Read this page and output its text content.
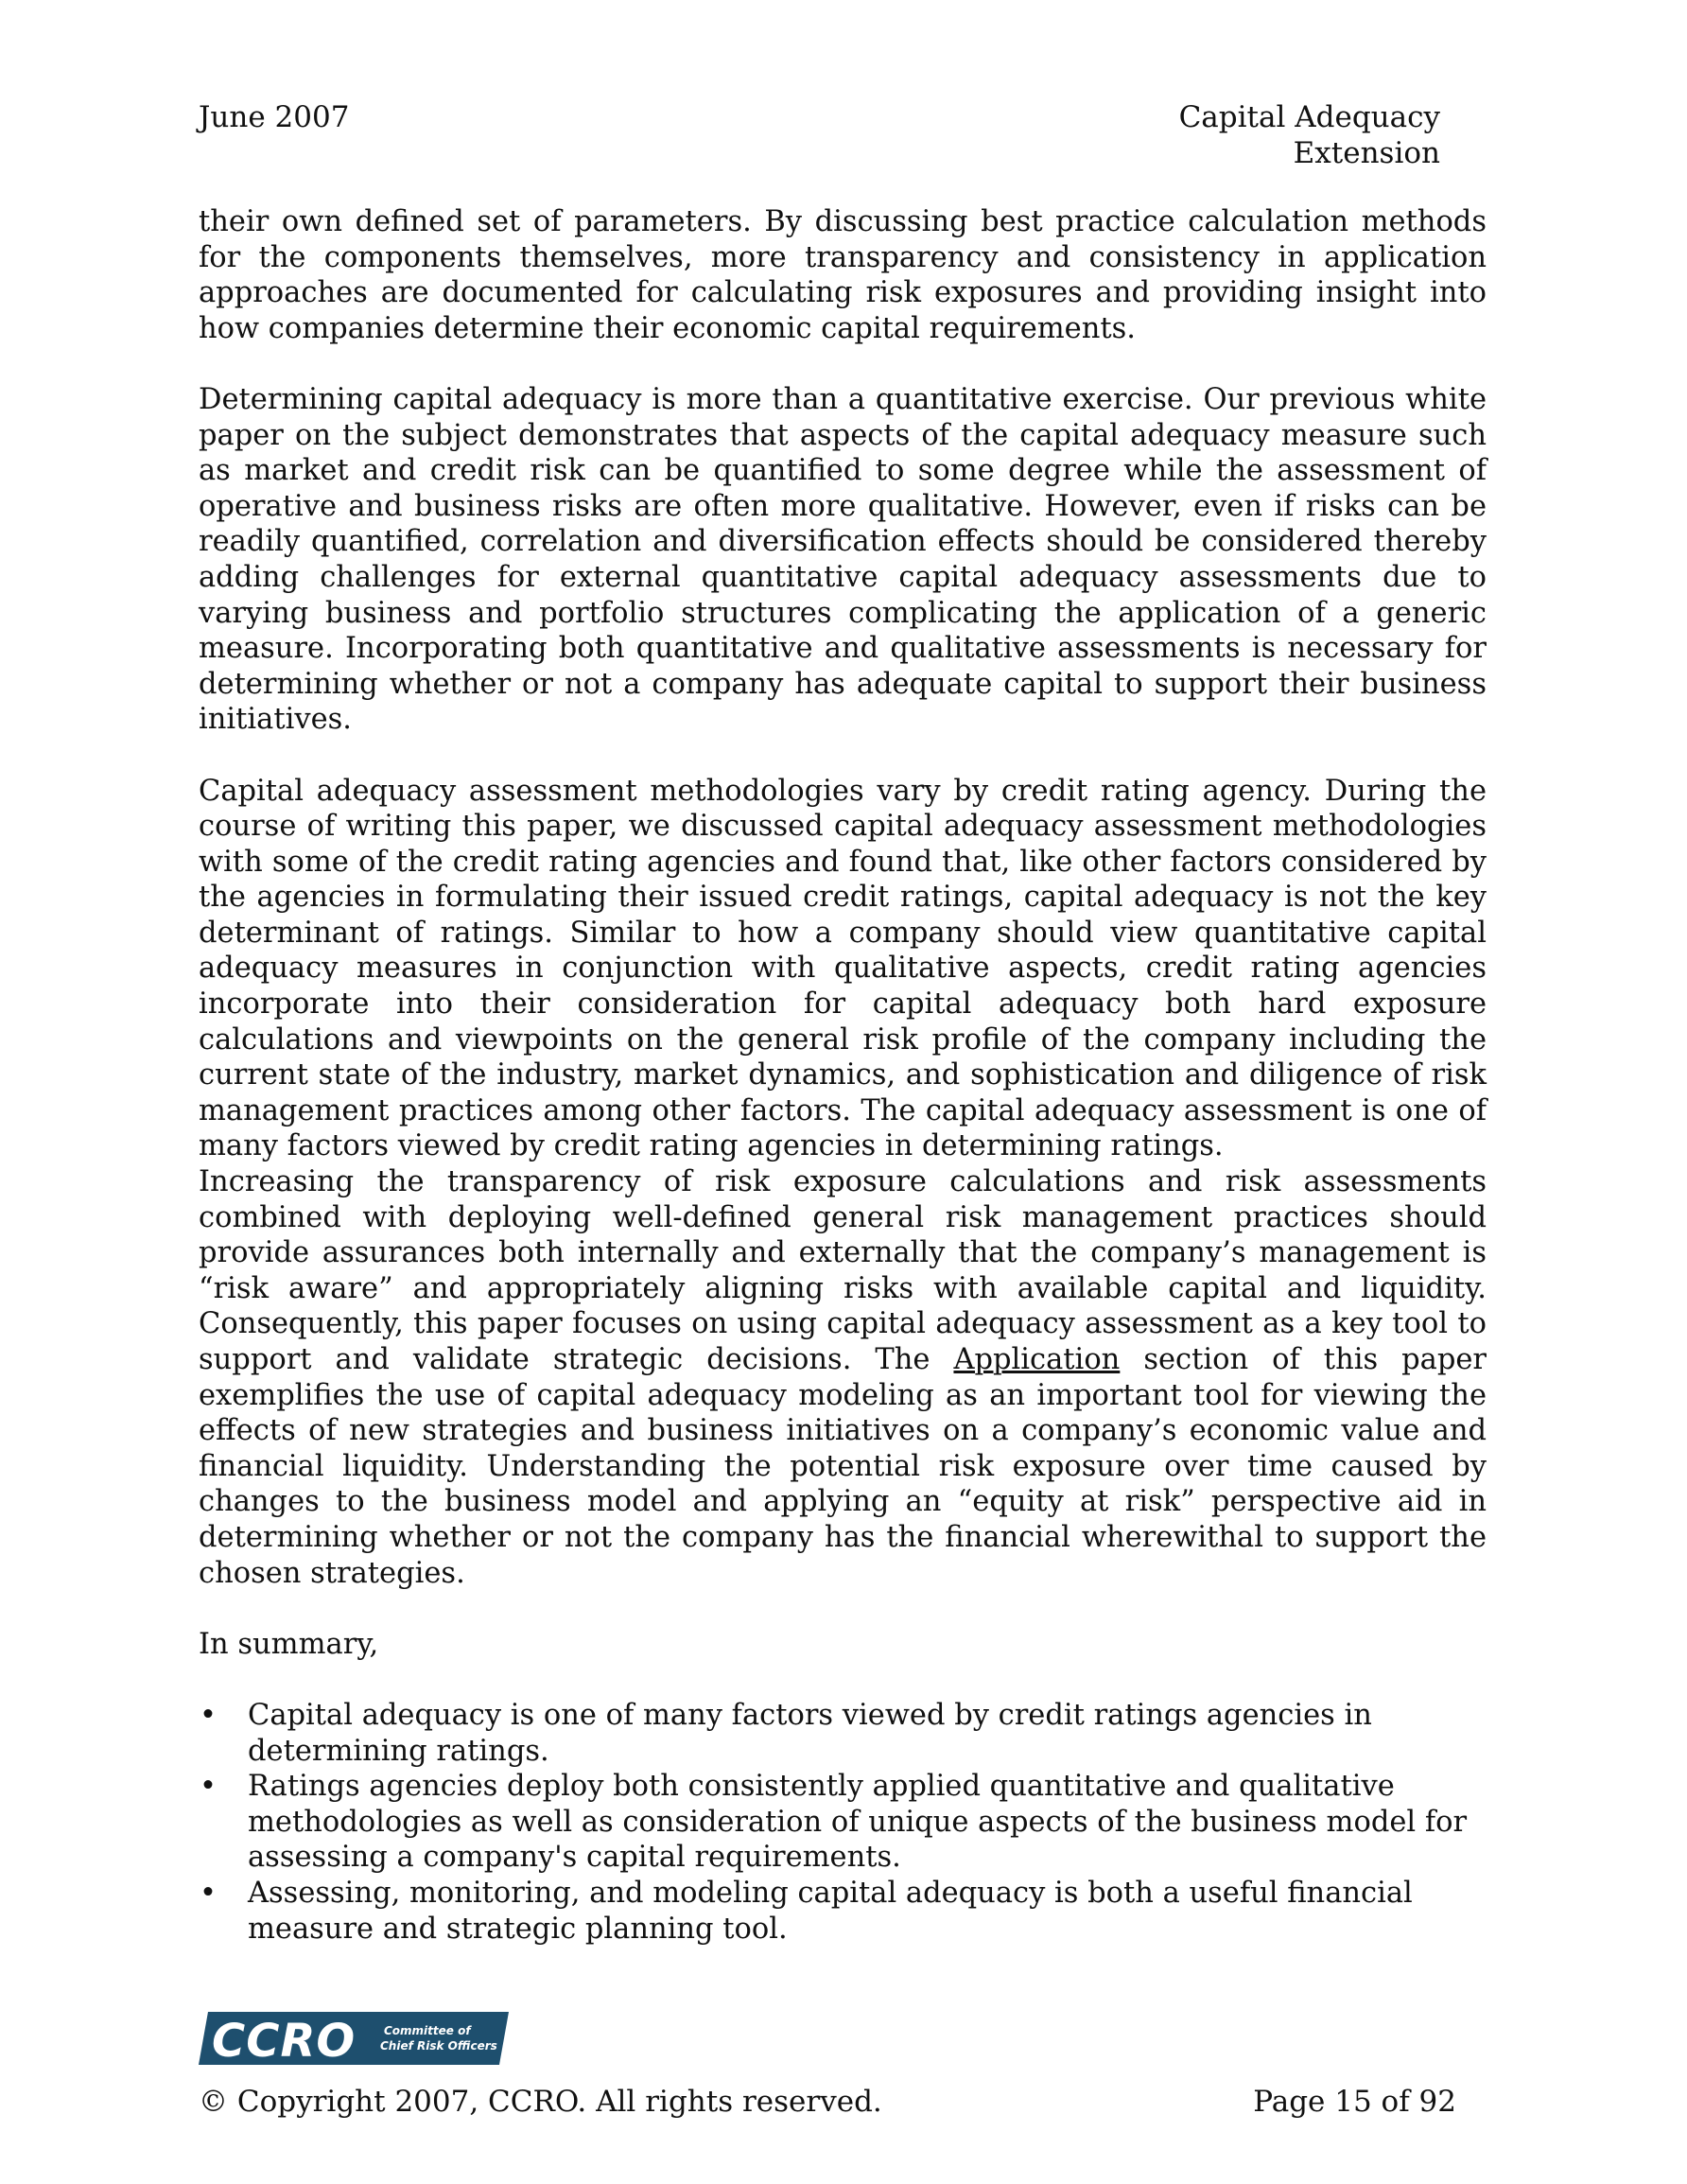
June 2007	Capital Adequacy Extension

their own defined set of parameters. By discussing best practice calculation methods for the components themselves, more transparency and consistency in application approaches are documented for calculating risk exposures and providing insight into how companies determine their economic capital requirements.

Determining capital adequacy is more than a quantitative exercise. Our previous white paper on the subject demonstrates that aspects of the capital adequacy measure such as market and credit risk can be quantified to some degree while the assessment of operative and business risks are often more qualitative. However, even if risks can be readily quantified, correlation and diversification effects should be considered thereby adding challenges for external quantitative capital adequacy assessments due to varying business and portfolio structures complicating the application of a generic measure. Incorporating both quantitative and qualitative assessments is necessary for determining whether or not a company has adequate capital to support their business initiatives.

Capital adequacy assessment methodologies vary by credit rating agency. During the course of writing this paper, we discussed capital adequacy assessment methodologies with some of the credit rating agencies and found that, like other factors considered by the agencies in formulating their issued credit ratings, capital adequacy is not the key determinant of ratings. Similar to how a company should view quantitative capital adequacy measures in conjunction with qualitative aspects, credit rating agencies incorporate into their consideration for capital adequacy both hard exposure calculations and viewpoints on the general risk profile of the company including the current state of the industry, market dynamics, and sophistication and diligence of risk management practices among other factors. The capital adequacy assessment is one of many factors viewed by credit rating agencies in determining ratings.

Increasing the transparency of risk exposure calculations and risk assessments combined with deploying well-defined general risk management practices should provide assurances both internally and externally that the company’s management is “risk aware” and appropriately aligning risks with available capital and liquidity. Consequently, this paper focuses on using capital adequacy assessment as a key tool to support and validate strategic decisions. The Application section of this paper exemplifies the use of capital adequacy modeling as an important tool for viewing the effects of new strategies and business initiatives on a company’s economic value and financial liquidity. Understanding the potential risk exposure over time caused by changes to the business model and applying an “equity at risk” perspective aid in determining whether or not the company has the financial wherewithal to support the chosen strategies.

In summary,

•	Capital adequacy is one of many factors viewed by credit ratings agencies in determining ratings.
•	Ratings agencies deploy both consistently applied quantitative and qualitative methodologies as well as consideration of unique aspects of the business model for assessing a company's capital requirements.
•	Assessing, monitoring, and modeling capital adequacy is both a useful financial measure and strategic planning tool.
CCRO Committee of
Chief Risk Officers
© Copyright 2007, CCRO. All rights reserved.	Page 15 of 92
